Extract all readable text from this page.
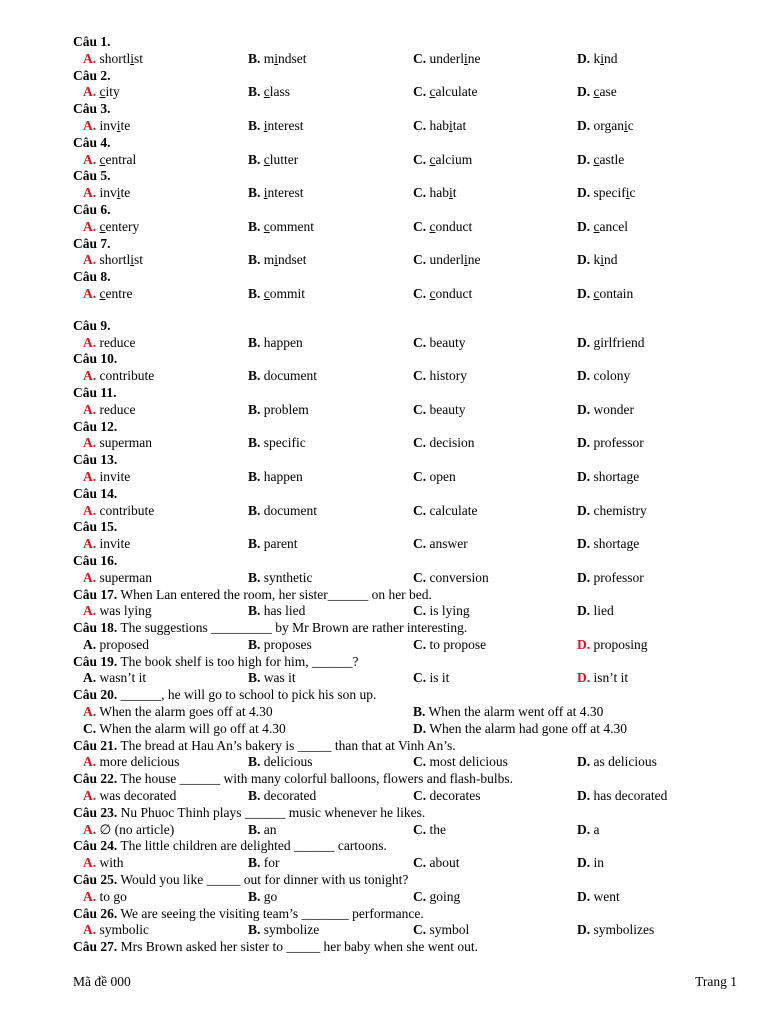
Câu 1.
A. shortlist	B. mindset	C. underline	D. kind
Câu 2.
A. city	B. class	C. calculate	D. case
Câu 3.
A. invite	B. interest	C. habitat	D. organic
Câu 4.
A. central	B. clutter	C. calcium	D. castle
Câu 5.
A. invite	B. interest	C. habit	D. specific
Câu 6.
A. centery	B. comment	C. conduct	D. cancel
Câu 7.
A. shortlist	B. mindset	C. underline	D. kind
Câu 8.
A. centre	B. commit	C. conduct	D. contain
Câu 9.
A. reduce	B. happen	C. beauty	D. girlfriend
Câu 10.
A. contribute	B. document	C. history	D. colony
Câu 11.
A. reduce	B. problem	C. beauty	D. wonder
Câu 12.
A. superman	B. specific	C. decision	D. professor
Câu 13.
A. invite	B. happen	C. open	D. shortage
Câu 14.
A. contribute	B. document	C. calculate	D. chemistry
Câu 15.
A. invite	B. parent	C. answer	D. shortage
Câu 16.
A. superman	B. synthetic	C. conversion	D. professor
Câu 17. When Lan entered the room, her sister______ on her bed.
A. was lying	B. has lied	C. is lying	D. lied
Câu 18. The suggestions _________ by Mr Brown are rather interesting.
A. proposed	B. proposes	C. to propose	D. proposing
Câu 19. The book shelf is too high for him, ______?
A. wasn’t it	B. was it	C. is it	D. isn’t it
Câu 20. ______, he will go to school to pick his son up.
A. When the alarm goes off at 4.30	B. When the alarm went off at 4.30
C. When the alarm will go off at 4.30	D. When the alarm had gone off at 4.30
Câu 21. The bread at Hau An’s bakery is _____ than that at Vinh An’s.
A. more delicious	B. delicious	C. most delicious	D. as delicious
Câu 22. The house ______ with many colorful balloons, flowers and flash-bulbs.
A. was decorated	B. decorated	C. decorates	D. has decorated
Câu 23. Nu Phuoc Thinh plays ______ music whenever he likes.
A. ∅ (no article)	B. an	C. the	D. a
Câu 24. The little children are delighted ______ cartoons.
A. with	B. for	C. about	D. in
Câu 25. Would you like _____ out for dinner with us tonight?
A. to go	B. go	C. going	D. went
Câu 26. We are seeing the visiting team’s _______ performance.
A. symbolic	B. symbolize	C. symbol	D. symbolizes
Câu 27. Mrs Brown asked her sister to _____ her baby when she went out.
Mã đề 000	Trang 1
